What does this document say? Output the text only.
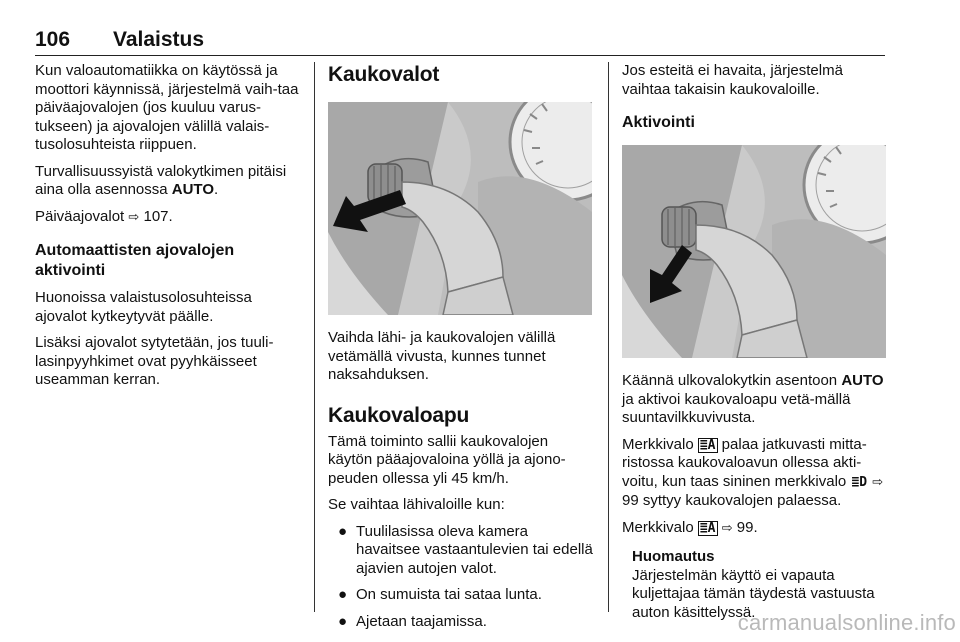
106 Valaistus

Kun valoautomatiikka on käytössä ja moottori käynnissä, järjestelmä vaih-taa päiväajovalojen (jos kuuluu varus-tukseen) ja ajovalojen välillä valais-tusolosuhteista riippuen.

Turvallisuussyistä valokytkimen pitäisi aina olla asennossa AUTO.

Päiväajovalot ⇨ 107.

Automaattisten ajovalojen aktivointi

Huonoissa valaistusolosuhteissa ajovalot kytkeytyvät päälle.

Lisäksi ajovalot sytytetään, jos tuuli-lasinpyyhkimet ovat pyyhkäisseet useamman kerran.

Kaukovalot

Vaihda lähi- ja kaukovalojen välillä vetämällä vivusta, kunnes tunnet naksahduksen.

Kaukovaloapu

Tämä toiminto sallii kaukovalojen käytön pääajovaloina yöllä ja ajono-peuden ollessa yli 45 km/h.

Se vaihtaa lähivaloille kun:

● Tuulilasissa oleva kamera havaitsee vastaantulevien tai edellä ajavien autojen valot.
● On sumuista tai sataa lunta.
● Ajetaan taajamissa.

Jos esteitä ei havaita, järjestelmä vaihtaa takaisin kaukovaloille.

Aktivointi

Käännä ulkovalokytkin asentoon AUTO ja aktivoi kaukovaloapu vetä-mällä suuntavilkkuvivusta.

Merkkivalo ≣A palaa jatkuvasti mitta-ristossa kaukovaloavun ollessa akti-voitu, kun taas sininen merkkivalo ≣D ⇨ 99 syttyy kaukovalojen palaessa.

Merkkivalo ≣A ⇨ 99.

Huomautus
Järjestelmän käyttö ei vapauta kuljettajaa tämän täydestä vastuusta auton käsittelyssä.
carmanualsonline.info
